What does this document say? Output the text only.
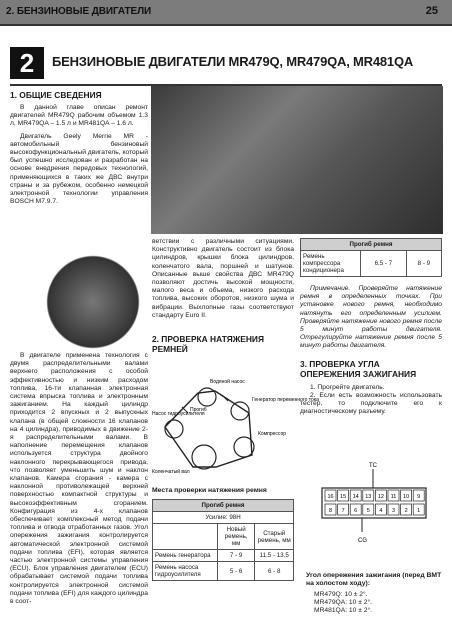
2. БЕНЗИНОВЫЕ ДВИГАТЕЛИ	25
2	БЕНЗИНОВЫЕ ДВИГАТЕЛИ MR479Q, MR479QA, MR481QA
1. ОБЩИЕ СВЕДЕНИЯ

В данной главе описан ремонт двигателей MR479Q рабочим объемом 1.3 л, MR479QA – 1.5 л и MR481QA – 1.6 л.

Двигатель Geely Merrie MR - автомобильный бензиновый высокофункциональный двигатель, который был успешно исследован и разработан на основе внедрения передовых технологий, применяющихся в таких же ДВС внутри страны и за рубежом, особенно немецкой электронной технологии управления BOSCH M7.9.7.

В двигателе применена технология с двумя распределительными валами верхнего расположения с особой эффективностью и низким расходом топлива, 16-ти клапанная электронная система впрыска топлива и электронным зажиганием. На каждый цилиндр приходится 2 впускных и 2 выпускных клапана (в общей сложности 16 клапанов на 4 цилиндра), приводимых в движение 2-я распределительными валами. В наполнение перемещения клапанов используется структура двойного наклонного перекрывающегося привода, что позволяет уменьшить шум и наклон клапанов. Камера сгорания - камера с наклонной противолежащей верхней поверхностью компактной структуры и высокоэффективным сгоранием. Конфигурация из 4-х клапанов обеспечивает комплексный метод подачи топлива и отвода отработанных газов. Угол опережения зажигания контролируется автоматической электронной системой подачи топлива (EFI), которая является частью электронной системы управления (ECU). Блок управления двигателем (ECU) обрабатывает системой подачи топлива контролируется электронной системой подачи топлива (EFI) для каждого цилиндра в соот-

ветствии с различными ситуациями. Конструктивно двигатель состоит из блока цилиндров, крышки блока цилиндров, коленчатого вала, поршней и шатунов. Описанные выше свойства ДВС MR479Q позволяют достичь высокой мощности, малого веса и объема, низкого расхода топлива, высоких оборотов, низкого шума и вибрации. Выхлопные газы соответствуют стандарту Euro II.

2. ПРОВЕРКА НАТЯЖЕНИЯ РЕМНЕЙ
Водяной насос
Генератор переменного тока
Насос гидроусилителя
Компрессор
Коленчатый вал
Прогиб
Места проверки натяжения ремня
Прогиб ремня		
Усилие: 98Н		
	Новый ремень, мм	Старый ремень, мм
Ремень генератора	7 - 9	11.5 - 13.5
Ремень насоса гидроусилителя	5 - 6	6 - 8
Прогиб ремня
Ремень компрессора кондиционера	6.5 - 7	8 - 9

Примечание. Проверяйте натяжение ремня в определенных точках. При установке нового ремня, необходимо натянуть его определенным усилием. Проверяйте натяжение нового ремня после 5 минут работы двигателя. Отрегулируйте натяжение ремня после 5 минут работы двигателя.

3. ПРОВЕРКА УГЛА ОПЕРЕЖЕНИЯ ЗАЖИГАНИЯ

1. Прогрейте двигатель.

2. Если есть возможность использовать тестер, то подключите его к диагностическому разъему.

TC
16 15 14 13 12 11 10 9
8 7 6 5 4 3 2 1
CG
Угол опережения зажигания (перед ВМТ на холостом ходу):

MR479Q: 10 ± 2°.

MR479QA: 10 ± 2°.

MR481QA: 10 ± 2°.
